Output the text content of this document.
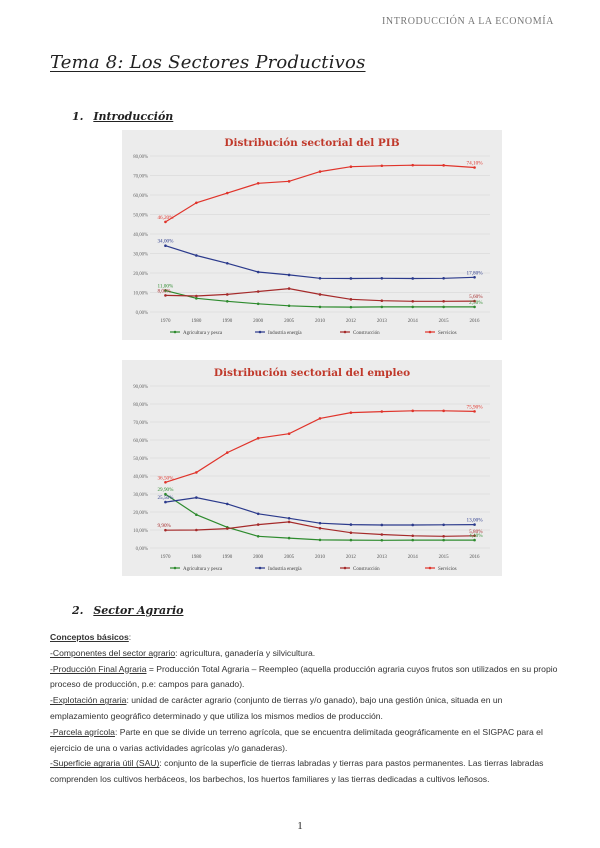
INTRODUCCIÓN A LA ECONOMÍA
Tema 8: Los Sectores Productivos
1. Introducción
Distribución sectorial del PIB
0,00%
10,00%
20,00%
30,00%
40,00%
50,00%
60,00%
70,00%
80,00%
1970	1980	1990	2000	2005	2010	2012	2013	2014	2015	2016
46,20%
74,10%
34,00%
17,80%
11,00%
8,00%
5,60%
2,50%
Agricultura y pesca	Industria energía	Construcción	Servicios
Distribución sectorial del empleo
0,00%
10,00%
20,00%
30,00%
40,00%
50,00%
60,00%
70,00%
80,00%
90,00%
1970	1980	1990	2000	2005	2010	2012	2013	2014	2015	2016
36,50%
75,90%
29,90%
25,50%
13,00%
9,90%
5,80%
4,40%
Agricultura y pesca	Industria energía	Construcción	Servicios
2. Sector Agrario

Conceptos básicos:

-Componentes del sector agrario: agricultura, ganadería y silvicultura.

-Producción Final Agraria = Producción Total Agraria – Reempleo (aquella producción agraria cuyos frutos son utilizados en su propio proceso de producción, p.e: campos para ganado).

-Explotación agraria: unidad de carácter agrario (conjunto de tierras y/o ganado), bajo una gestión única, situada en un emplazamiento geográfico determinado y que utiliza los mismos medios de producción.

-Parcela agrícola: Parte en que se divide un terreno agrícola, que se encuentra delimitada geográficamente en el SIGPAC para el ejercicio de una o varias actividades agrícolas y/o ganaderas).

-Superficie agraria útil (SAU): conjunto de la superficie de tierras labradas y tierras para pastos permanentes. Las tierras labradas comprenden los cultivos herbáceos, los barbechos, los huertos familiares y las tierras dedicadas a cultivos leñosos.

1
